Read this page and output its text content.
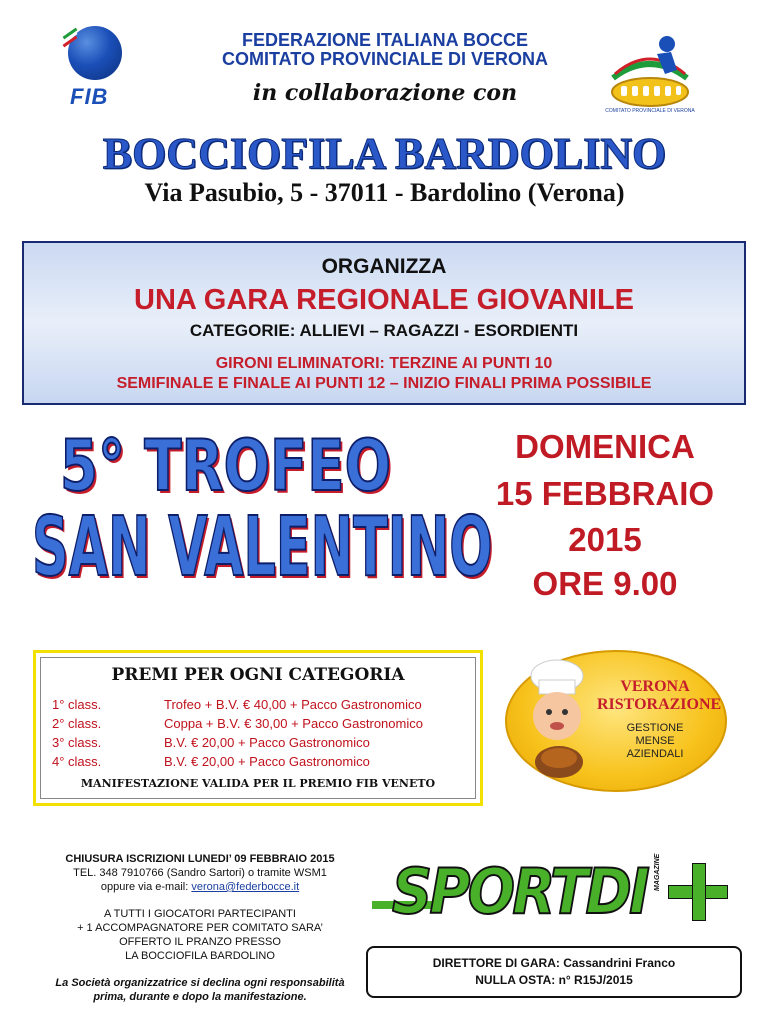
FIB
FEDERAZIONE ITALIANA BOCCE
COMITATO PROVINCIALE DI VERONA
in collaborazione con
COMITATO PROVINCIALE DI VERONA
BOCCIOFILA BARDOLINO
Via Pasubio, 5 - 37011 - Bardolino (Verona)
ORGANIZZA
UNA GARA REGIONALE GIOVANILE
CATEGORIE: ALLIEVI – RAGAZZI - ESORDIENTI
GIRONI ELIMINATORI: TERZINE AI PUNTI 10
SEMIFINALE E FINALE AI PUNTI 12 – INIZIO FINALI PRIMA POSSIBILE
5° TROFEO
SAN VALENTINO
DOMENICA
15 FEBBRAIO
2015
ORE 9.00
PREMI PER OGNI CATEGORIA
1° class.	Trofeo + B.V. € 40,00 + Pacco Gastronomico
2° class.	Coppa + B.V. € 30,00 + Pacco Gastronomico
3° class.	B.V. € 20,00 + Pacco Gastronomico
4° class.	B.V. € 20,00 + Pacco Gastronomico
MANIFESTAZIONE VALIDA PER IL PREMIO FIB VENETO
VERONA
RISTORAZIONE
GESTIONE
MENSE
AZIENDALI
CHIUSURA ISCRIZIONI LUNEDI’ 09 FEBBRAIO 2015
TEL. 348 7910766 (Sandro Sartori) o tramite WSM1
oppure via e-mail: verona@federbocce.it
A TUTTI I GIOCATORI PARTECIPANTI
+ 1 ACCOMPAGNATORE PER COMITATO SARA’
OFFERTO IL PRANZO PRESSO
LA BOCCIOFILA BARDOLINO
La Società organizzatrice si declina ogni responsabilità
prima, durante e dopo la manifestazione.
SPORTDI MAGAZINE
DIRETTORE DI GARA: Cassandrini Franco
NULLA OSTA: n° R15J/2015
